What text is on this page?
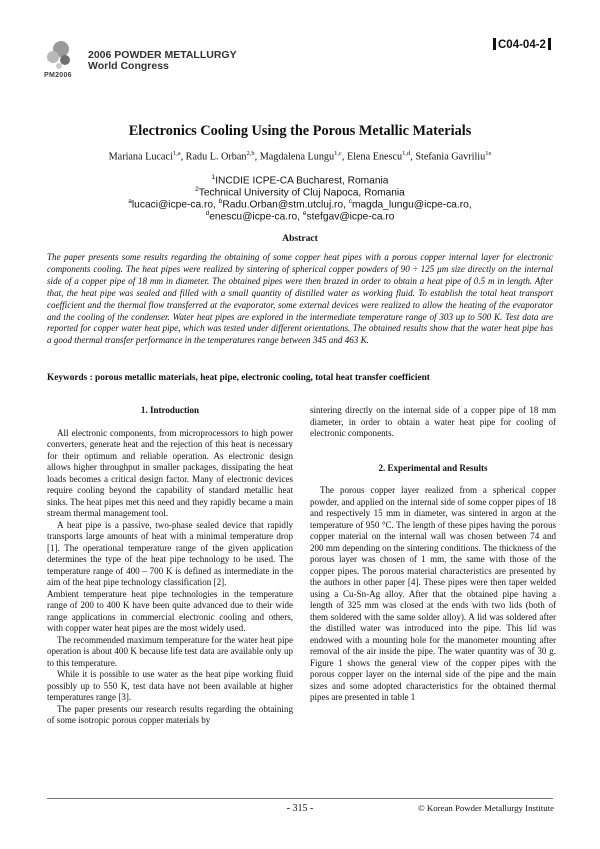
PM2006
2006 POWDER METALLURGY
World Congress
C04-04-2
Electronics Cooling Using the Porous Metallic Materials
Mariana Lucaci$^{1,a}$, Radu L. Orban$^{2,b}$, Magdalena Lungu$^{1,c}$, Elena Enescu$^{1,d}$, Stefania Gavriliu$^{1e}$
$^1$INCDIE ICPE-CA Bucharest, Romania
$^2$Technical University of Cluj Napoca, Romania
$^a$lucaci@icpe-ca.ro, $^b$Radu.Orban@stm.utcluj.ro, $^c$magda_lungu@icpe-ca.ro,
$^d$enescu@icpe-ca.ro, $^e$stefgav@icpe-ca.ro
Abstract
The paper presents some results regarding the obtaining of some copper heat pipes with a porous copper internal layer for electronic components cooling. The heat pipes were realized by sintering of spherical copper powders of 90 ÷ 125 μm size directly on the internal side of a copper pipe of 18 mm in diameter. The obtained pipes were then brazed in order to obtain a heat pipe of 0.5 m in length. After that, the heat pipe was sealed and filled with a small quantity of distilled water as working fluid. To establish the total heat transport coefficient and the thermal flow transferred at the evaporator, some external devices were realized to allow the heating of the evaporator and the cooling of the condenser. Water heat pipes are explored in the intermediate temperature range of 303 up to 500 K. Test data are reported for copper water heat pipe, which was tested under different orientations. The obtained results show that the water heat pipe has a good thermal transfer performance in the temperatures range between 345 and 463 K.
Keywords : porous metallic materials, heat pipe, electronic cooling, total heat transfer coefficient
1. Introduction

All electronic components, from microprocessors to high power converters, generate heat and the rejection of this heat is necessary for their optimum and reliable operation. As electronic design allows higher throughput in smaller packages, dissipating the heat loads becomes a critical design factor. Many of electronic devices require cooling beyond the capability of standard metallic heat sinks. The heat pipes met this need and they rapidly became a main stream thermal management tool.

A heat pipe is a passive, two-phase sealed device that rapidly transports large amounts of heat with a minimal temperature drop [1]. The operational temperature range of the given application determines the type of the heat pipe technology to be used. The temperature range of 400 – 700 K is defined as intermediate in the aim of the heat pipe technology classification [2].

Ambient temperature heat pipe technologies in the temperature range of 200 to 400 K have been quite advanced due to their wide range applications in commercial electronic cooling and others, with copper water heat pipes are the most widely used.

The recommended maximum temperature for the water heat pipe operation is about 400 K because life test data are available only up to this temperature.

While it is possible to use water as the heat pipe working fluid possibly up to 550 K, test data have not been available at higher temperatures range [3].

The paper presents our research results regarding the obtaining of some isotropic porous copper materials by

sintering directly on the internal side of a copper pipe of 18 mm diameter, in order to obtain a water heat pipe for cooling of electronic components.

2. Experimental and Results

The porous copper layer realized from a spherical copper powder, and applied on the internal side of some copper pipes of 18 and respectively 15 mm in diameter, was sintered in argon at the temperature of 950 °C. The length of these pipes having the porous copper material on the internal wall was chosen between 74 and 200 mm depending on the sintering conditions. The thickness of the porous layer was chosen of 1 mm, the same with those of the copper pipes. The porous material characteristics are presented by the authors in other paper [4]. These pipes were then taper welded using a Cu-Sn-Ag alloy. After that the obtained pipe having a length of 325 mm was closed at the ends with two lids (both of them soldered with the same solder alloy). A lid was soldered after the distilled water was introduced into the pipe. This lid was endowed with a mounting hole for the manometer mounting after removal of the air inside the pipe. The water quantity was of 30 g. Figure 1 shows the general view of the copper pipes with the porous copper layer on the internal side of the pipe and the main sizes and some adopted characteristics for the obtained thermal pipes are presented in table 1

- 315 -	© Korean Powder Metallurgy Institute
